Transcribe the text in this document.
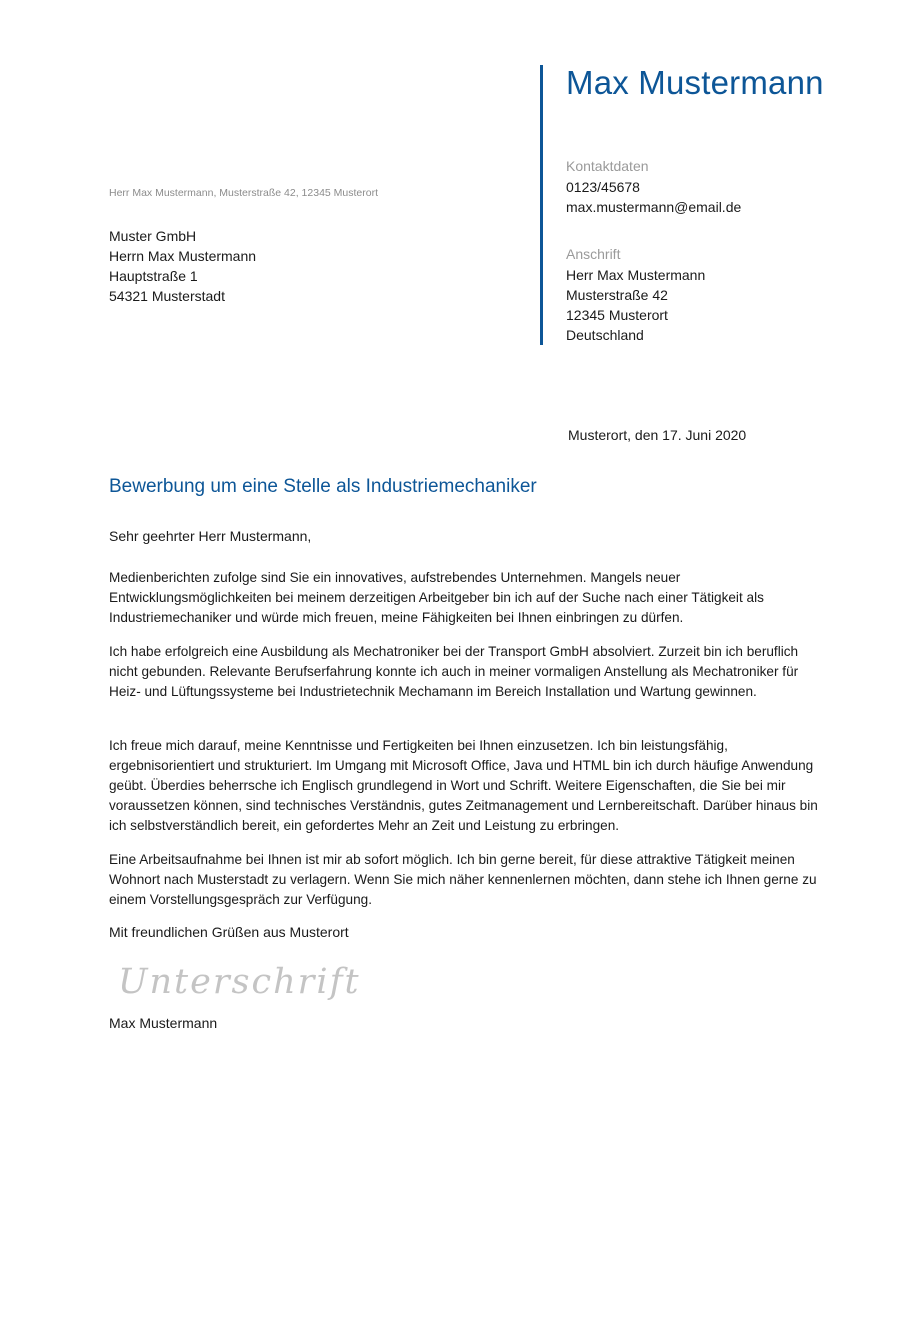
Max Mustermann
Kontaktdaten
0123/45678
max.mustermann@email.de
Anschrift
Herr Max Mustermann
Musterstraße 42
12345 Musterort
Deutschland
Herr Max Mustermann, Musterstraße 42, 12345 Musterort
Muster GmbH
Herrn Max Mustermann
Hauptstraße 1
54321 Musterstadt
Musterort, den 17. Juni 2020
Bewerbung um eine Stelle als Industriemechaniker
Sehr geehrter Herr Mustermann,
Medienberichten zufolge sind Sie ein innovatives, aufstrebendes Unternehmen. Mangels neuer Entwicklungsmöglichkeiten bei meinem derzeitigen Arbeitgeber bin ich auf der Suche nach einer Tätigkeit als Industriemechaniker und würde mich freuen, meine Fähigkeiten bei Ihnen einbringen zu dürfen.
Ich habe erfolgreich eine Ausbildung als Mechatroniker bei der Transport GmbH absolviert. Zurzeit bin ich beruflich nicht gebunden. Relevante Berufserfahrung konnte ich auch in meiner vormaligen Anstellung als Mechatroniker für Heiz- und Lüftungssysteme bei Industrietechnik Mechamann im Bereich Installation und Wartung gewinnen.
Ich freue mich darauf, meine Kenntnisse und Fertigkeiten bei Ihnen einzusetzen. Ich bin leistungsfähig, ergebnisorientiert und strukturiert. Im Umgang mit Microsoft Office, Java und HTML bin ich durch häufige Anwendung geübt. Überdies beherrsche ich Englisch grundlegend in Wort und Schrift. Weitere Eigenschaften, die Sie bei mir voraussetzen können, sind technisches Verständnis, gutes Zeitmanagement und Lernbereitschaft. Darüber hinaus bin ich selbstverständlich bereit, ein gefordertes Mehr an Zeit und Leistung zu erbringen.
Eine Arbeitsaufnahme bei Ihnen ist mir ab sofort möglich. Ich bin gerne bereit, für diese attraktive Tätigkeit meinen Wohnort nach Musterstadt zu verlagern. Wenn Sie mich näher kennenlernen möchten, dann stehe ich Ihnen gerne zu einem Vorstellungsgespräch zur Verfügung.
Mit freundlichen Grüßen aus Musterort
Unterschrift
Max Mustermann
